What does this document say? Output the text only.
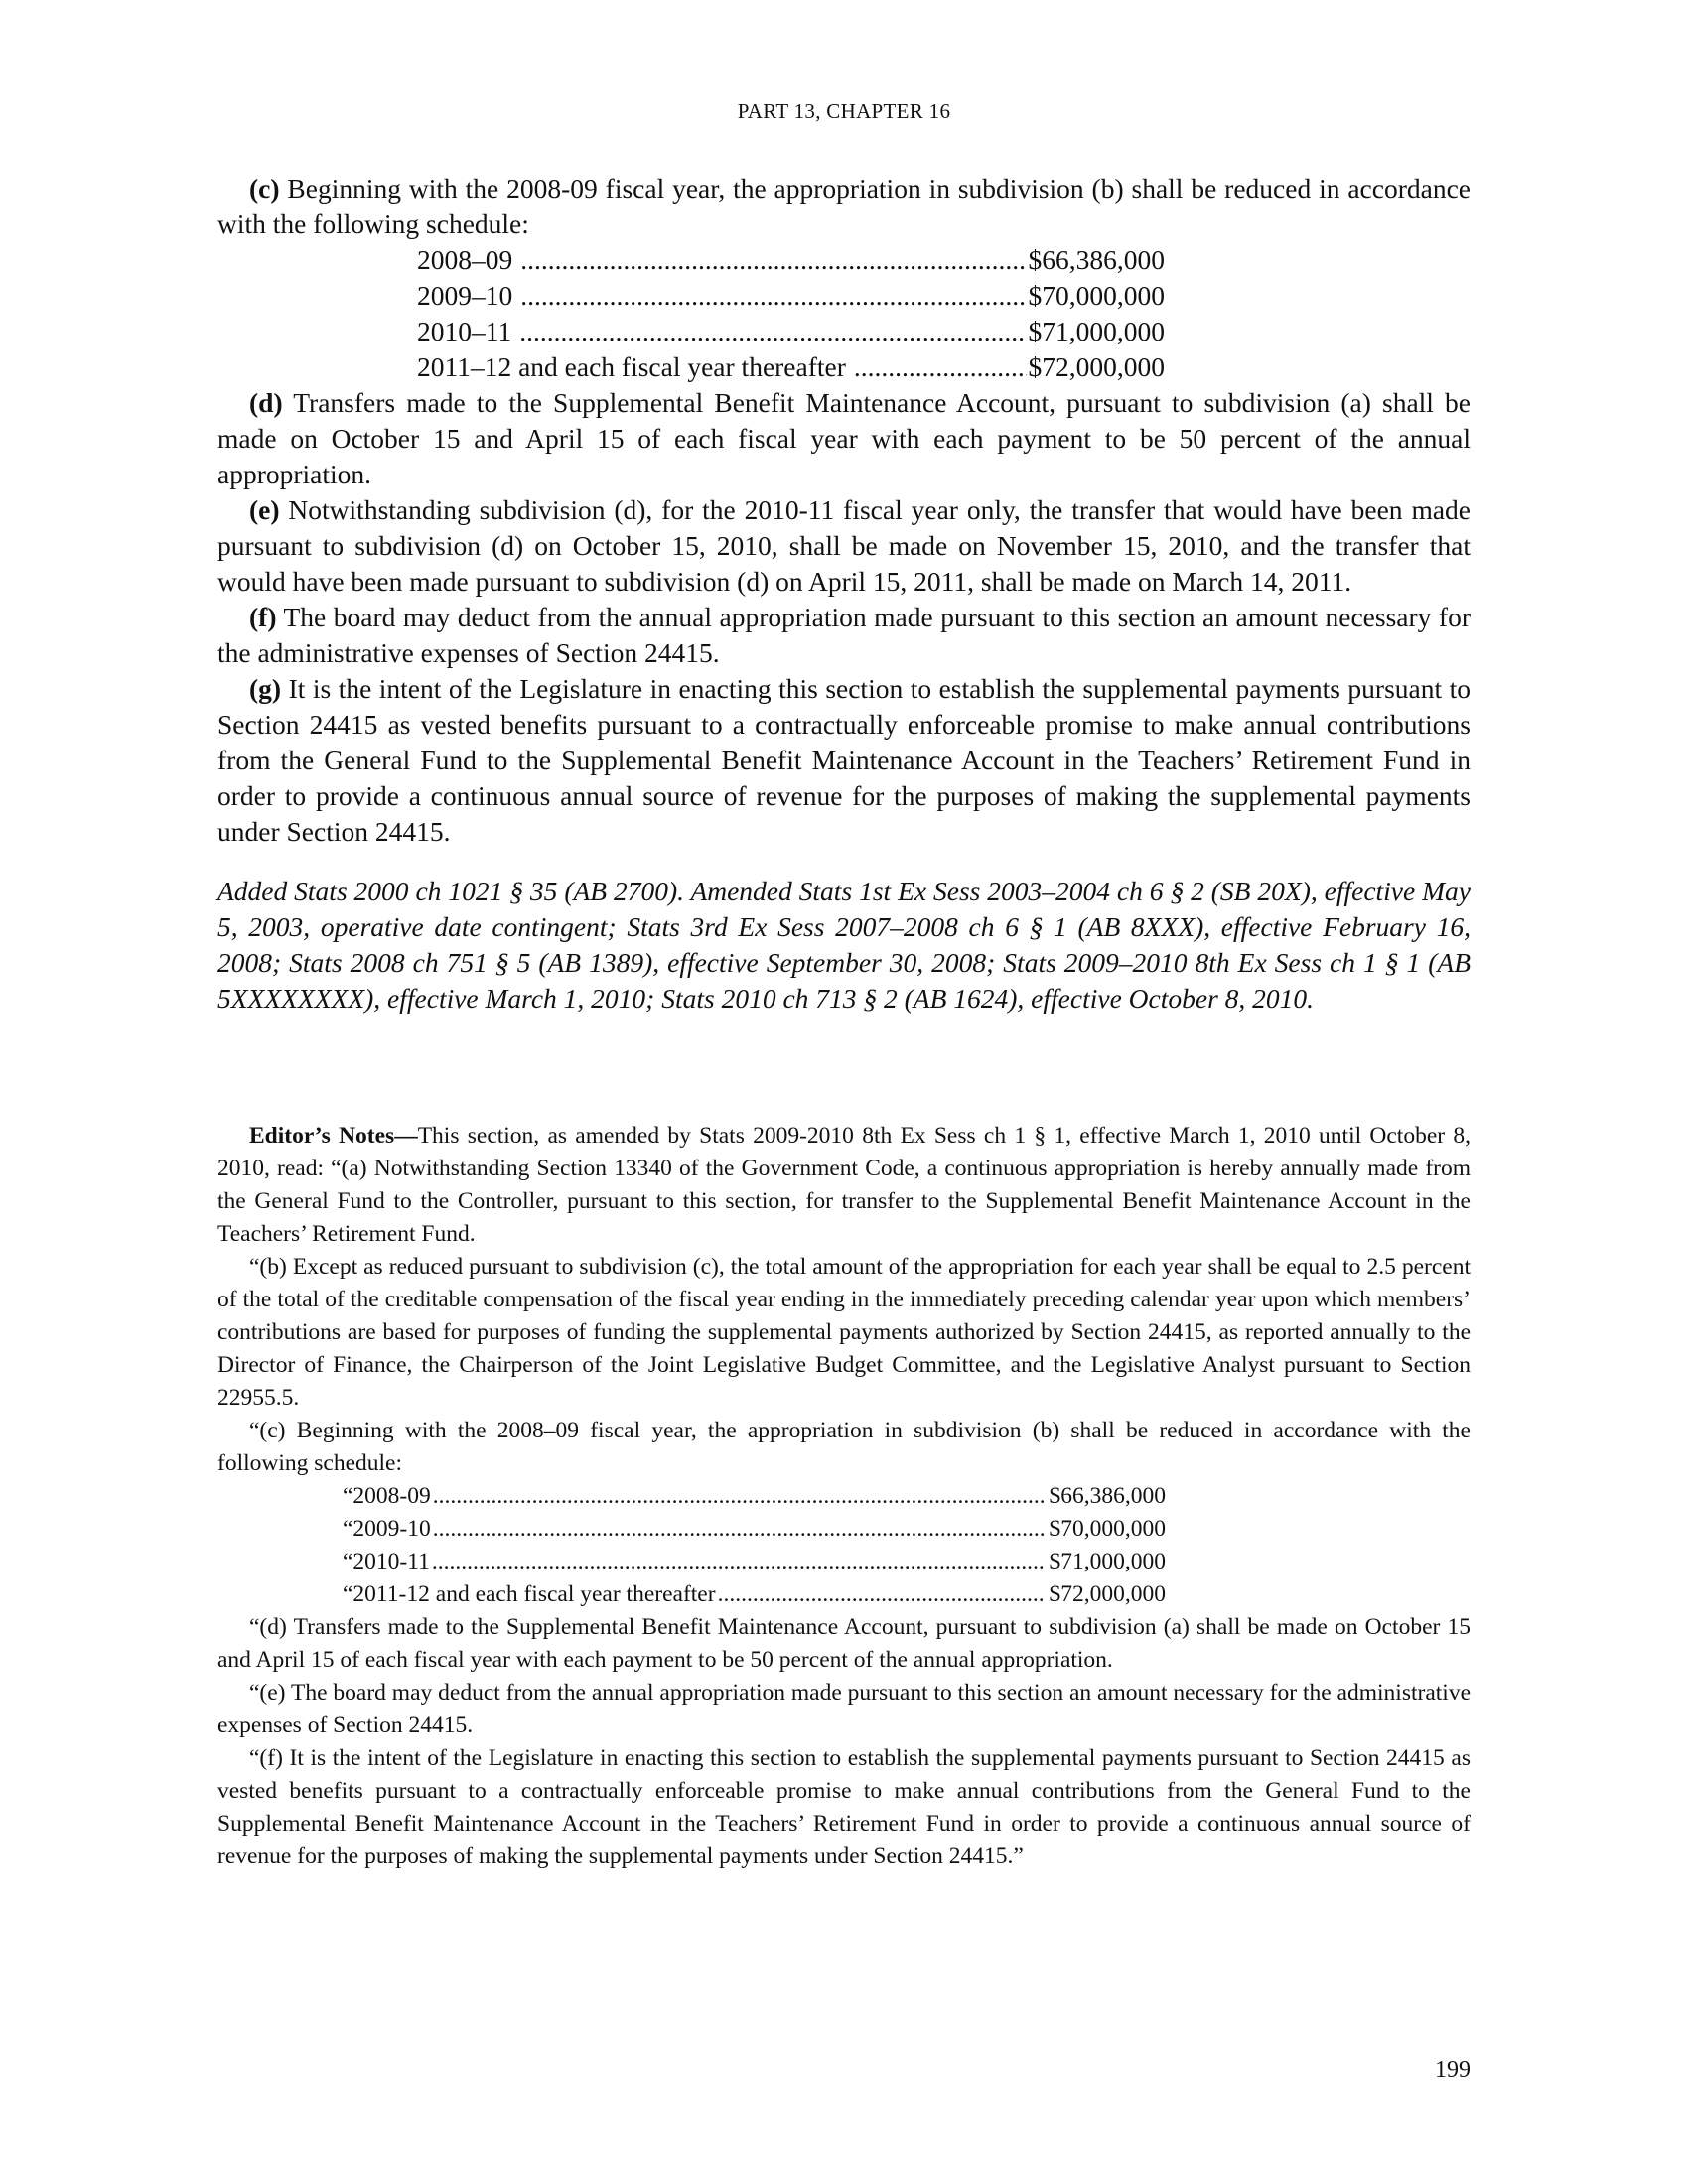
PART 13, CHAPTER 16

(c) Beginning with the 2008-09 fiscal year, the appropriation in subdivision (b) shall be reduced in accordance with the following schedule:

2008–09 .....	$66,386,000
2009–10 .....	$70,000,000
2010–11 .....	$71,000,000
2011–12 and each fiscal year thereafter .....	$72,000,000

(d) Transfers made to the Supplemental Benefit Maintenance Account, pursuant to subdivision (a) shall be made on October 15 and April 15 of each fiscal year with each payment to be 50 percent of the annual appropriation.

(e) Notwithstanding subdivision (d), for the 2010-11 fiscal year only, the transfer that would have been made pursuant to subdivision (d) on October 15, 2010, shall be made on November 15, 2010, and the transfer that would have been made pursuant to subdivision (d) on April 15, 2011, shall be made on March 14, 2011.

(f) The board may deduct from the annual appropriation made pursuant to this section an amount necessary for the administrative expenses of Section 24415.

(g) It is the intent of the Legislature in enacting this section to establish the supplemental payments pursuant to Section 24415 as vested benefits pursuant to a contractually enforceable promise to make annual contributions from the General Fund to the Supplemental Benefit Maintenance Account in the Teachers’ Retirement Fund in order to provide a continuous annual source of revenue for the purposes of making the supplemental payments under Section 24415.

Added Stats 2000 ch 1021 § 35 (AB 2700). Amended Stats 1st Ex Sess 2003–2004 ch 6 § 2 (SB 20X), effective May 5, 2003, operative date contingent; Stats 3rd Ex Sess 2007–2008 ch 6 § 1 (AB 8XXX), effective February 16, 2008; Stats 2008 ch 751 § 5 (AB 1389), effective September 30, 2008; Stats 2009–2010 8th Ex Sess ch 1 § 1 (AB 5XXXXXXXX), effective March 1, 2010; Stats 2010 ch 713 § 2 (AB 1624), effective October 8, 2010.

Editor’s Notes—This section, as amended by Stats 2009-2010 8th Ex Sess ch 1 § 1, effective March 1, 2010 until October 8, 2010, read: “(a) Notwithstanding Section 13340 of the Government Code, a continuous appropriation is hereby annually made from the General Fund to the Controller, pursuant to this section, for transfer to the Supplemental Benefit Maintenance Account in the Teachers’ Retirement Fund.

“(b) Except as reduced pursuant to subdivision (c), the total amount of the appropriation for each year shall be equal to 2.5 percent of the total of the creditable compensation of the fiscal year ending in the immediately preceding calendar year upon which members’ contributions are based for purposes of funding the supplemental payments authorized by Section 24415, as reported annually to the Director of Finance, the Chairperson of the Joint Legislative Budget Committee, and the Legislative Analyst pursuant to Section 22955.5.

“(c) Beginning with the 2008–09 fiscal year, the appropriation in subdivision (b) shall be reduced in accordance with the following schedule:

“2008-09 .....	$66,386,000
“2009-10 .....	$70,000,000
“2010-11 .....	$71,000,000
“2011-12 and each fiscal year thereafter .....	$72,000,000

“(d) Transfers made to the Supplemental Benefit Maintenance Account, pursuant to subdivision (a) shall be made on October 15 and April 15 of each fiscal year with each payment to be 50 percent of the annual appropriation.

“(e) The board may deduct from the annual appropriation made pursuant to this section an amount necessary for the administrative expenses of Section 24415.

“(f) It is the intent of the Legislature in enacting this section to establish the supplemental payments pursuant to Section 24415 as vested benefits pursuant to a contractually enforceable promise to make annual contributions from the General Fund to the Supplemental Benefit Maintenance Account in the Teachers’ Retirement Fund in order to provide a continuous annual source of revenue for the purposes of making the supplemental payments under Section 24415.”

199
